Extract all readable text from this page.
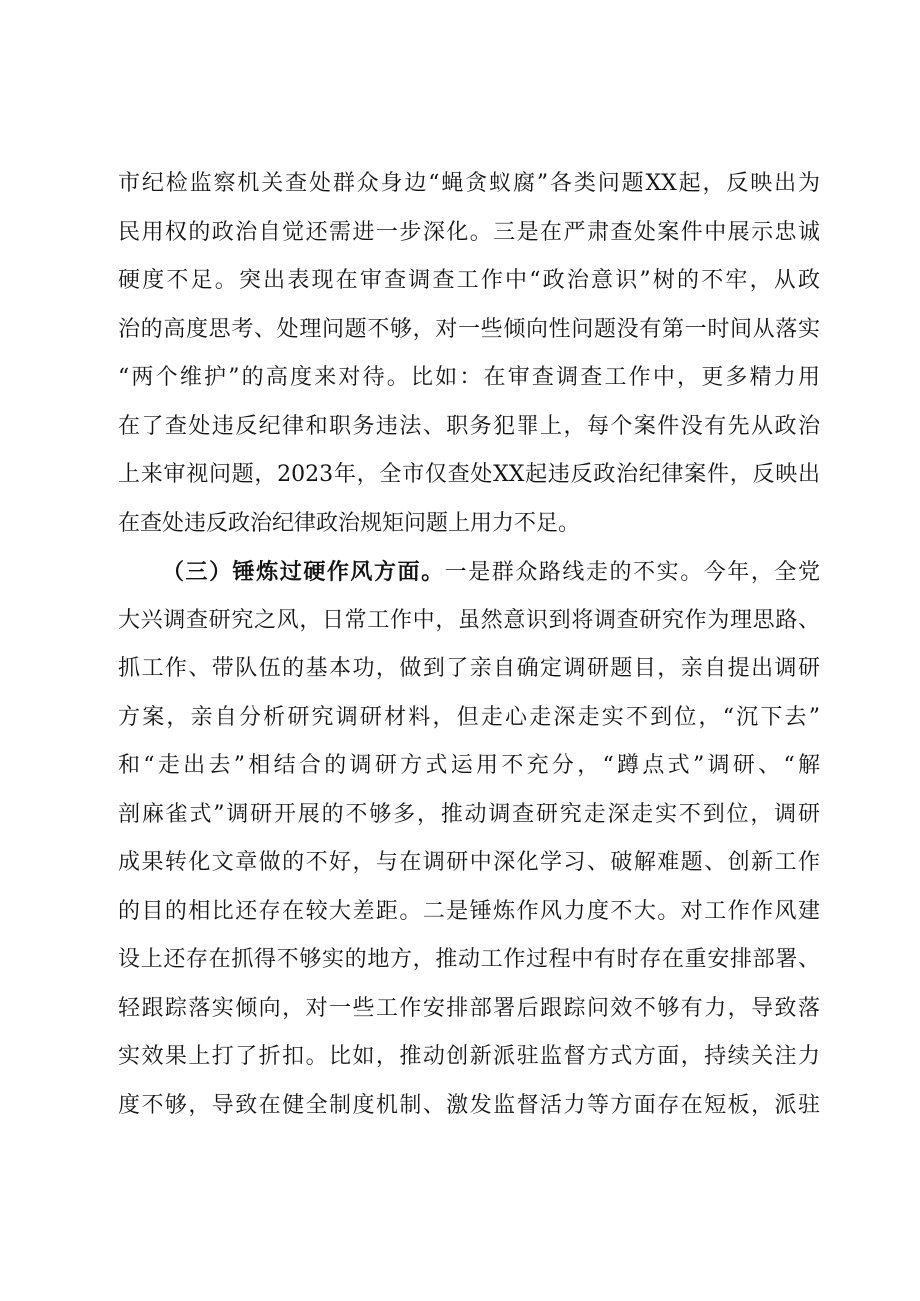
市纪检监察机关查处群众身边“蝇贪蚁腐”各类问题XX起，反映出为
民用权的政治自觉还需进一步深化。三是在严肃查处案件中展示忠诚
硬度不足。突出表现在审查调查工作中“政治意识”树的不牢，从政
治的高度思考、处理问题不够，对一些倾向性问题没有第一时间从落实
“两个维护”的高度来对待。比如：在审查调查工作中，更多精力用
在了查处违反纪律和职务违法、职务犯罪上，每个案件没有先从政治
上来审视问题，2023年，全市仅查处XX起违反政治纪律案件，反映出
在查处违反政治纪律政治规矩问题上用力不足。
（三）锤炼过硬作风方面。一是群众路线走的不实。今年，全党
大兴调查研究之风，日常工作中，虽然意识到将调查研究作为理思路、
抓工作、带队伍的基本功，做到了亲自确定调研题目，亲自提出调研
方案，亲自分析研究调研材料，但走心走深走实不到位，“沉下去”
和“走出去”相结合的调研方式运用不充分，“蹲点式”调研、“解
剖麻雀式”调研开展的不够多，推动调查研究走深走实不到位，调研
成果转化文章做的不好，与在调研中深化学习、破解难题、创新工作
的目的相比还存在较大差距。二是锤炼作风力度不大。对工作作风建
设上还存在抓得不够实的地方，推动工作过程中有时存在重安排部署、
轻跟踪落实倾向，对一些工作安排部署后跟踪问效不够有力，导致落
实效果上打了折扣。比如，推动创新派驻监督方式方面，持续关注力
度不够，导致在健全制度机制、激发监督活力等方面存在短板，派驻
